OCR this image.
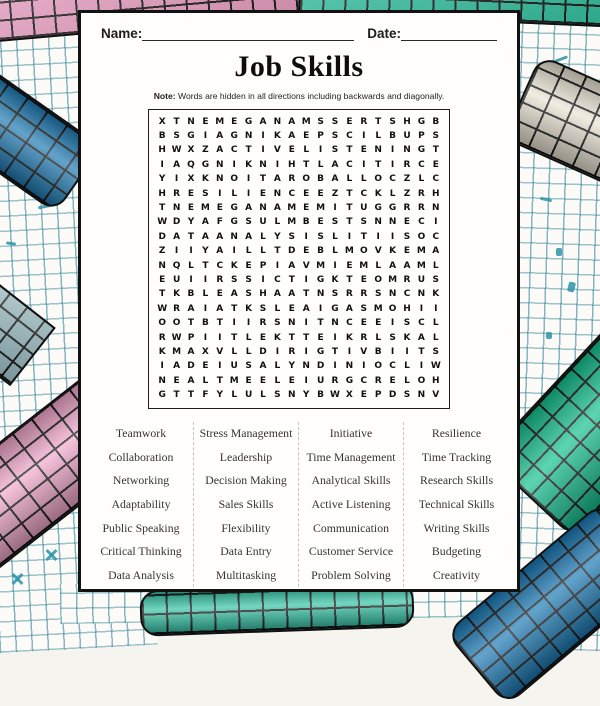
Name:	Date:
Job Skills

Note: Words are hidden in all directions including backwards and diagonally.

X T N E M E G A N A M S S E R T S H G B
B S G	I	A G N I	K A E P S C	I	L B U P S
H W X Z A C T	I	V E L	I	S T E N I N G T
I	A Q G N I	K N I H T L A C	I	T	I	R C E
Y	I	X K N O I	T A R O B A L L O C Z L C
H R E S	I	L	I	E N C E E Z T C K L Z R H
T N E M E G A N A M E M I	T U G G R R N
W D Y A F G S U L M B E S T S N N E C	I
D A T A A N A L Y S	I	S L	I	T	I	I	S O C
Z	I	I	Y A	I	L L T D E B L M O V K E M A
N Q L T C K E P	I	A V M I	E M L A A M L
E U	I	I	R S S	I	C T	I	G K T E O M R U S
T K B L E A S H A A T N S R R S N C N K
W R A	I	A T K S L E A	I	G A S M O H I	I
O O T B T	I	I	R S N I	T N C E E	I	S C L
R W P	I	I	T L E K T T E	I	K R L S K A L
K M A X V L L D I	R	I	G T	I	V B	I	I	T S
I	A D E	I	U S A L Y N D I N I O C L	I W
N E A L T M E E L E	I	U R G C R E L O H
G T T F Y L U L S N Y B W X E P D S N V
Teamwork
Collaboration
Networking
Adaptability
Public Speaking
Critical Thinking
Data Analysis
Stress Management
Leadership
Decision Making
Sales Skills
Flexibility
Data Entry
Multitasking
Initiative
Time Management
Analytical Skills
Active Listening
Communication
Customer Service
Problem Solving
Resilience
Time Tracking
Research Skills
Technical Skills
Writing Skills
Budgeting
Creativity
